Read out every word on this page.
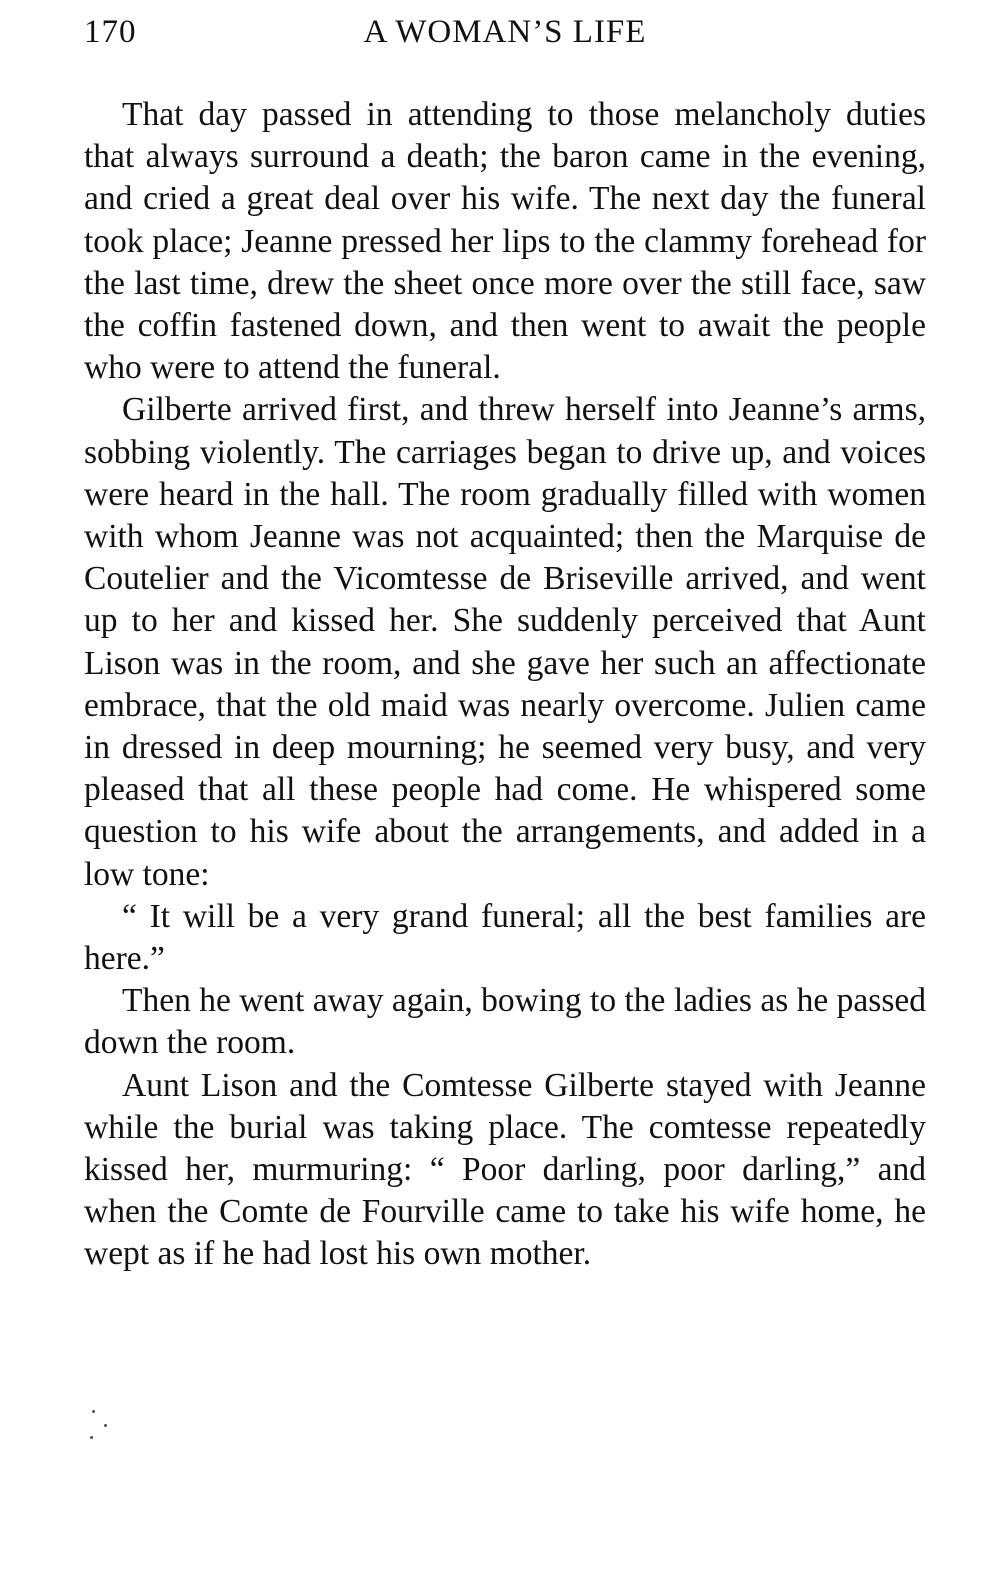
170	A WOMAN’S LIFE

That day passed in attending to those melancholy duties that always surround a death; the baron came in the evening, and cried a great deal over his wife. The next day the funeral took place; Jeanne pressed her lips to the clammy forehead for the last time, drew the sheet once more over the still face, saw the coffin fastened down, and then went to await the people who were to attend the funeral.

Gilberte arrived first, and threw herself into Jeanne’s arms, sobbing violently. The carriages began to drive up, and voices were heard in the hall. The room gradually filled with women with whom Jeanne was not acquainted; then the Marquise de Coutelier and the Vicomtesse de Briseville arrived, and went up to her and kissed her. She suddenly perceived that Aunt Lison was in the room, and she gave her such an affectionate embrace, that the old maid was nearly overcome. Julien came in dressed in deep mourning; he seemed very busy, and very pleased that all these people had come. He whispered some question to his wife about the arrangements, and added in a low tone:

“ It will be a very grand funeral; all the best families are here.”

Then he went away again, bowing to the ladies as he passed down the room.

Aunt Lison and the Comtesse Gilberte stayed with Jeanne while the burial was taking place. The comtesse repeatedly kissed her, murmuring: “ Poor darling, poor darling,” and when the Comte de Fourville came to take his wife home, he wept as if he had lost his own mother.
